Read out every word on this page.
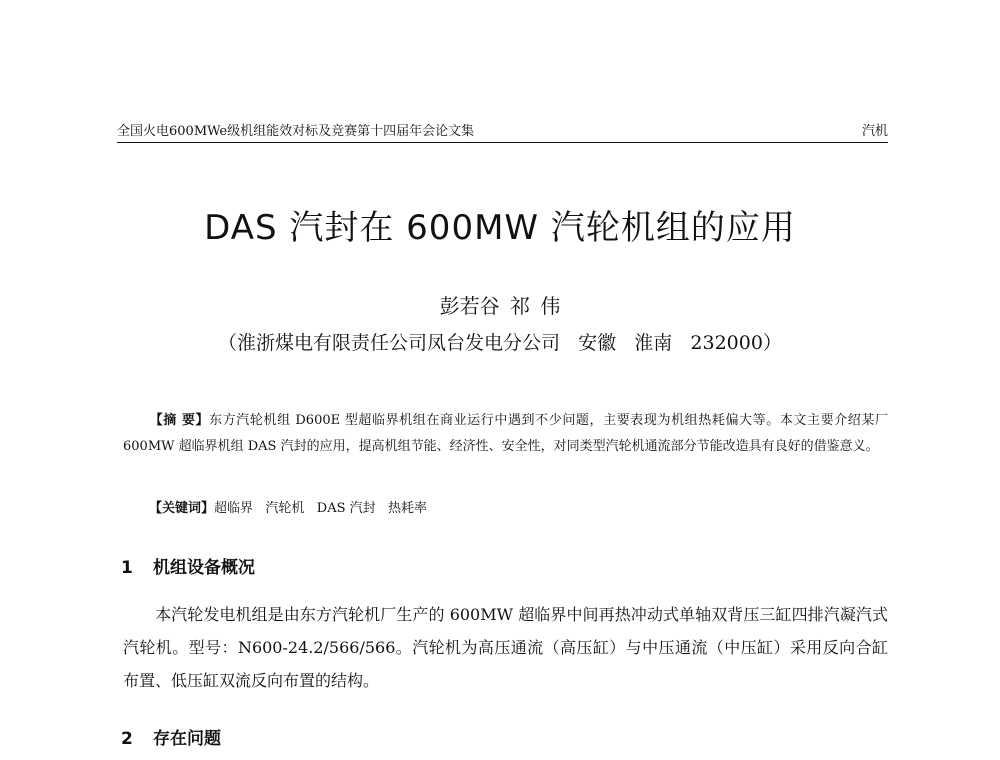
全国火电600MWe级机组能效对标及竞赛第十四届年会论文集	汽机
DAS 汽封在 600MW 汽轮机组的应用
彭若谷 祁 伟
（淮浙煤电有限责任公司凤台发电分公司   安徽   淮南   232000）
【摘 要】东方汽轮机组 D600E 型超临界机组在商业运行中遇到不少问题，主要表现为机组热耗偏大等。本文主要介绍某厂 600MW 超临界机组 DAS 汽封的应用，提高机组节能、经济性、安全性，对同类型汽轮机通流部分节能改造具有良好的借鉴意义。
【关键词】超临界   汽轮机   DAS 汽封   热耗率
1 机组设备概况
本汽轮发电机组是由东方汽轮机厂生产的 600MW 超临界中间再热冲动式单轴双背压三缸四排汽凝汽式汽轮机。型号：N600-24.2/566/566。汽轮机为高压通流（高压缸）与中压通流（中压缸）采用反向合缸布置、低压缸双流反向布置的结构。
2 存在问题
